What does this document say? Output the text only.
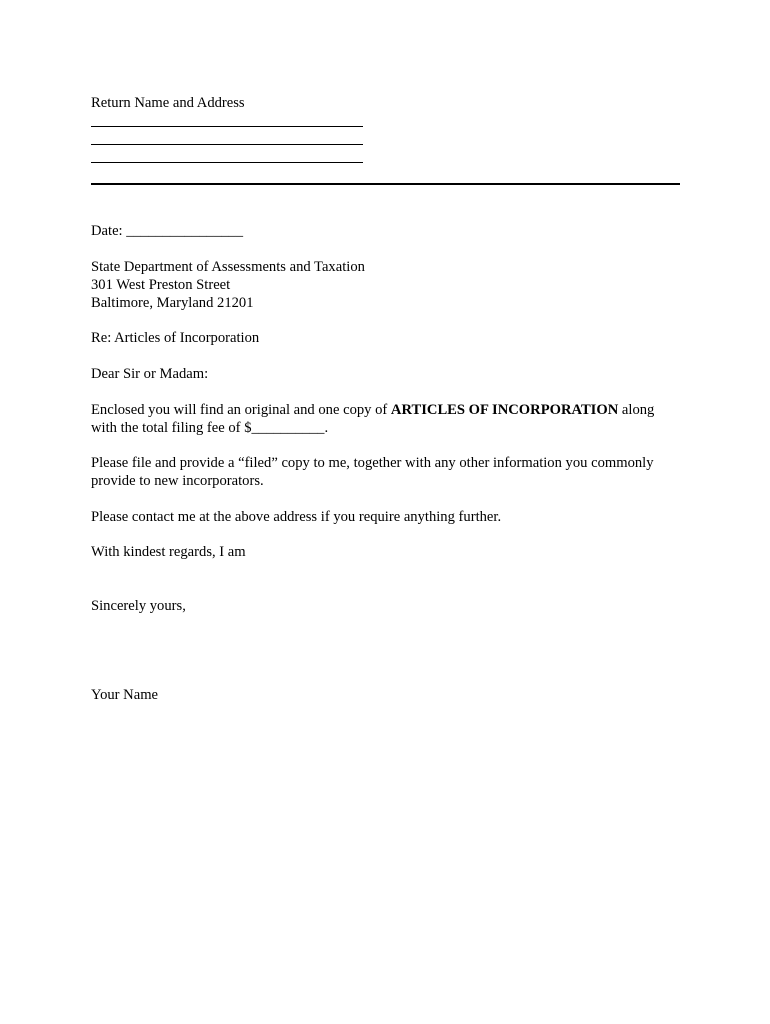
Return Name and Address
Date: ________________
State Department of Assessments and Taxation
301 West Preston Street
Baltimore, Maryland 21201
Re: Articles of Incorporation
Dear Sir or Madam:
Enclosed you will find an original and one copy of ARTICLES OF INCORPORATION along
with the total filing fee of $__________.
Please file and provide a “filed” copy to me, together with any other information you commonly
provide to new incorporators.
Please contact me at the above address if you require anything further.
With kindest regards, I am
Sincerely yours,
Your Name
